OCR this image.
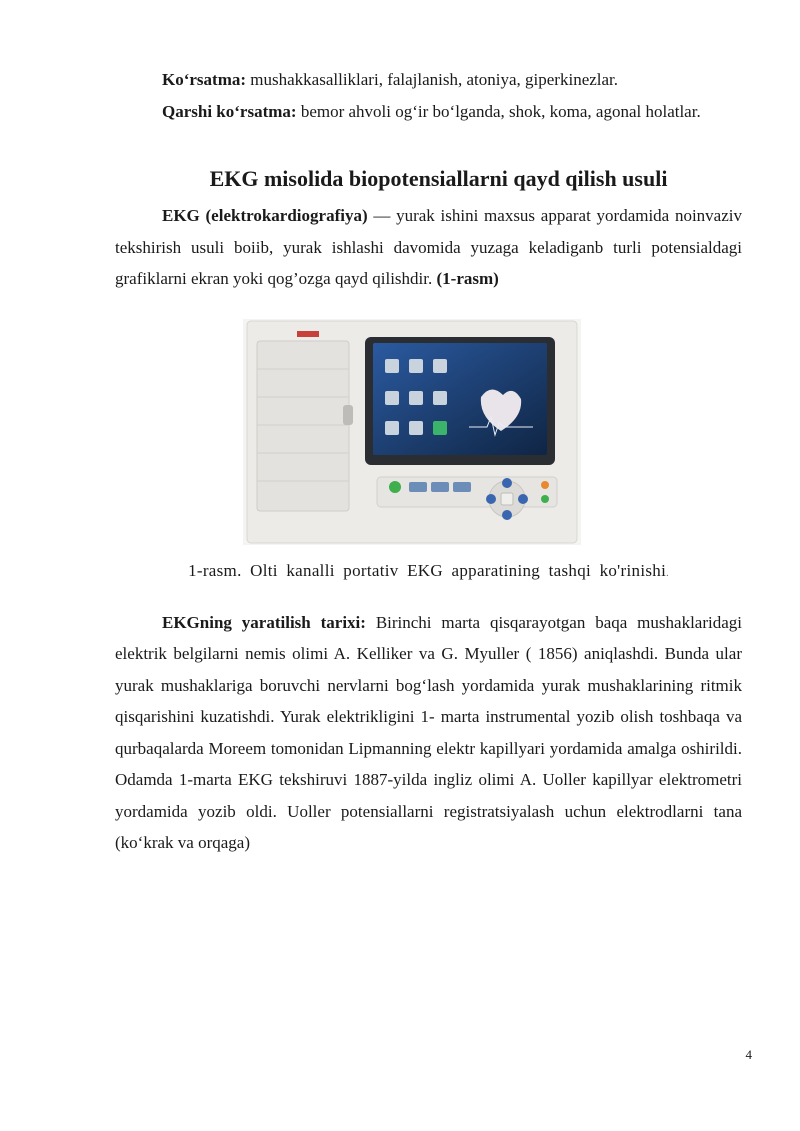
Ko‘rsatma: mushakkasalliklari, falajlanish, atoniya, giperkinezlar.

Qarshi ko‘rsatma: bemor ahvoli og‘ir bo‘lganda, shok, koma, agonal holatlar.

EKG misolida biopotensiallarni qayd qilish usuli

EKG (elektrokardiografiya) — yurak ishini maxsus apparat yordamida noinvaziv tekshirish usuli boiib, yurak ishlashi davomida yuzaga keladiganb turli potensialdagi grafiklarni ekran yoki qog’ozga qayd qilishdir. (1-rasm)

1-rasm. Olti kanalli portativ EKG apparatining tashqi ko'rinishi.

EKGning yaratilish tarixi: Birinchi marta qisqarayotgan baqa mushaklaridagi elektrik belgilarni nemis olimi A. Kelliker va G. Myuller ( 1856) aniqlashdi. Bunda ular yurak mushaklariga boruvchi nervlarni bog‘lash yordamida yurak mushaklarining ritmik qisqarishini kuzatishdi. Yurak elektrikligini 1- marta instrumental yozib olish toshbaqa va qurbaqalarda Moreem tomonidan Lipmanning elektr kapillyari yordamida amalga oshirildi. Odamda 1-marta EKG tekshiruvi 1887-yilda ingliz olimi A. Uoller kapillyar elektrometri yordamida yozib oldi. Uoller potensiallarni registratsiyalash uchun elektrodlarni tana (ko‘krak va orqaga)

4
